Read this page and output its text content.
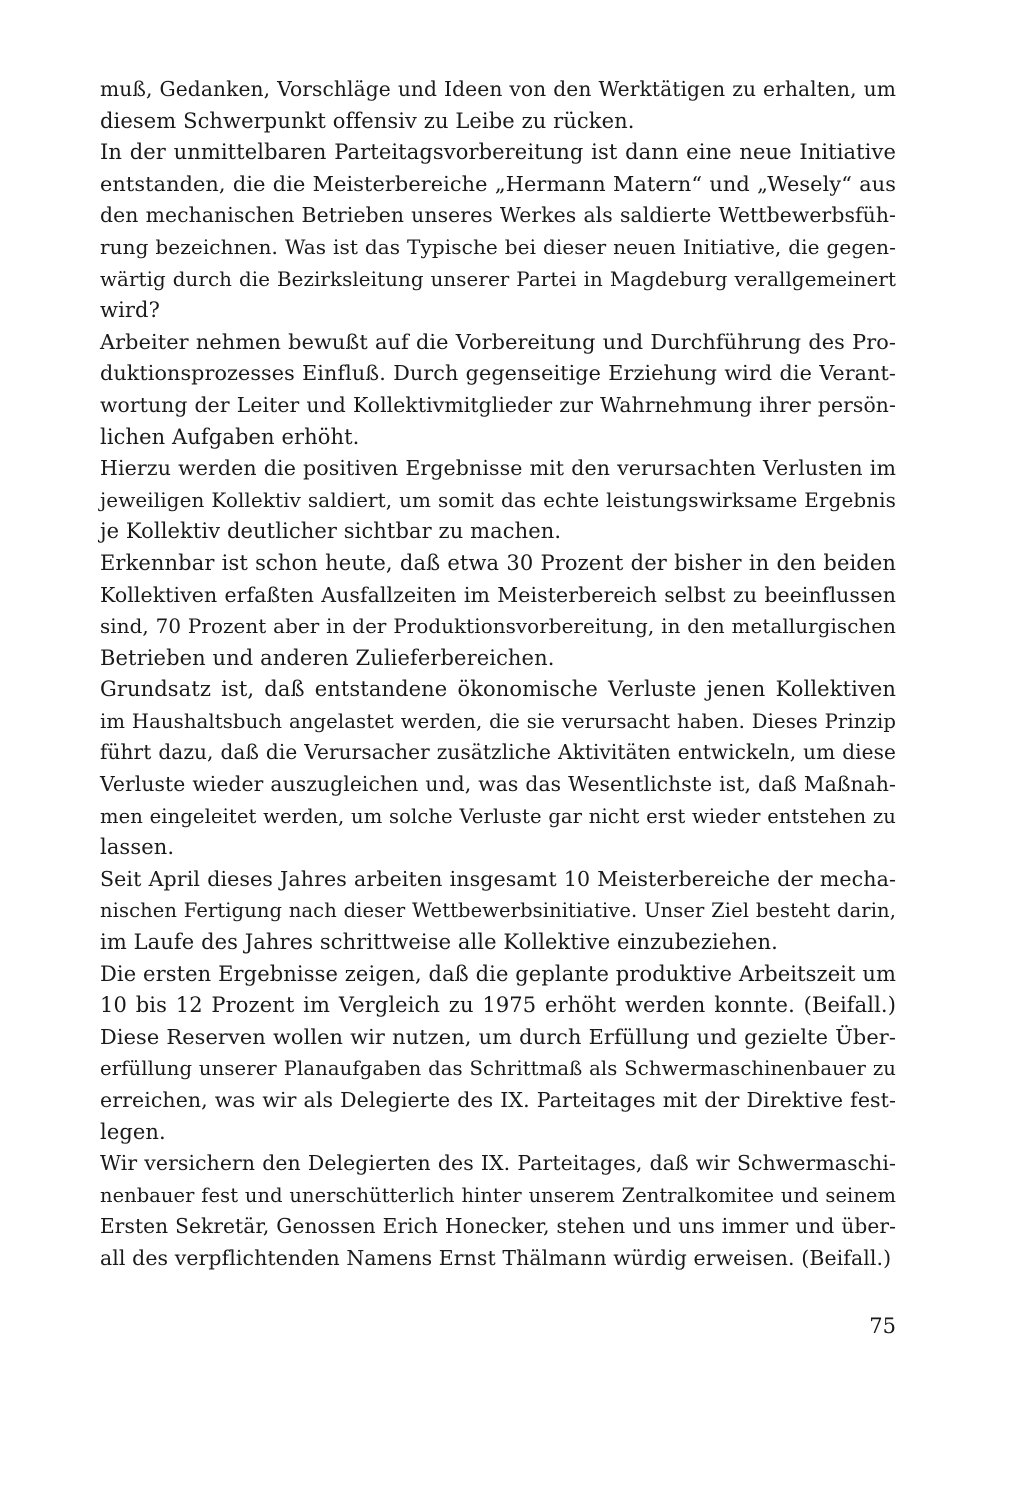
muß, Gedanken, Vorschläge und Ideen von den Werktätigen zu erhalten, um
diesem Schwerpunkt offensiv zu Leibe zu rücken.
In der unmittelbaren Parteitagsvorbereitung ist dann eine neue Initiative
entstanden, die die Meisterbereiche „Hermann Matern“ und „Wesely“ aus
den mechanischen Betrieben unseres Werkes als saldierte Wettbewerbsfüh-
rung bezeichnen. Was ist das Typische bei dieser neuen Initiative, die gegen-
wärtig durch die Bezirksleitung unserer Partei in Magdeburg verallgemeinert
wird?
Arbeiter nehmen bewußt auf die Vorbereitung und Durchführung des Pro-
duktionsprozesses Einfluß. Durch gegenseitige Erziehung wird die Verant-
wortung der Leiter und Kollektivmitglieder zur Wahrnehmung ihrer persön-
lichen Aufgaben erhöht.
Hierzu werden die positiven Ergebnisse mit den verursachten Verlusten im
jeweiligen Kollektiv saldiert, um somit das echte leistungswirksame Ergebnis
je Kollektiv deutlicher sichtbar zu machen.
Erkennbar ist schon heute, daß etwa 30 Prozent der bisher in den beiden
Kollektiven erfaßten Ausfallzeiten im Meisterbereich selbst zu beeinflussen
sind, 70 Prozent aber in der Produktionsvorbereitung, in den metallurgischen
Betrieben und anderen Zulieferbereichen.
Grundsatz ist, daß entstandene ökonomische Verluste jenen Kollektiven
im Haushaltsbuch angelastet werden, die sie verursacht haben. Dieses Prinzip
führt dazu, daß die Verursacher zusätzliche Aktivitäten entwickeln, um diese
Verluste wieder auszugleichen und, was das Wesentlichste ist, daß Maßnah-
men eingeleitet werden, um solche Verluste gar nicht erst wieder entstehen zu
lassen.
Seit April dieses Jahres arbeiten insgesamt 10 Meisterbereiche der mecha-
nischen Fertigung nach dieser Wettbewerbsinitiative. Unser Ziel besteht darin,
im Laufe des Jahres schrittweise alle Kollektive einzubeziehen.
Die ersten Ergebnisse zeigen, daß die geplante produktive Arbeitszeit um
10 bis 12 Prozent im Vergleich zu 1975 erhöht werden konnte. (Beifall.)
Diese Reserven wollen wir nutzen, um durch Erfüllung und gezielte Über-
erfüllung unserer Planaufgaben das Schrittmaß als Schwermaschinenbauer zu
erreichen, was wir als Delegierte des IX. Parteitages mit der Direktive fest-
legen.
Wir versichern den Delegierten des IX. Parteitages, daß wir Schwermaschi-
nenbauer fest und unerschütterlich hinter unserem Zentralkomitee und seinem
Ersten Sekretär, Genossen Erich Honecker, stehen und uns immer und über-
all des verpflichtenden Namens Ernst Thälmann würdig erweisen. (Beifall.)
75
